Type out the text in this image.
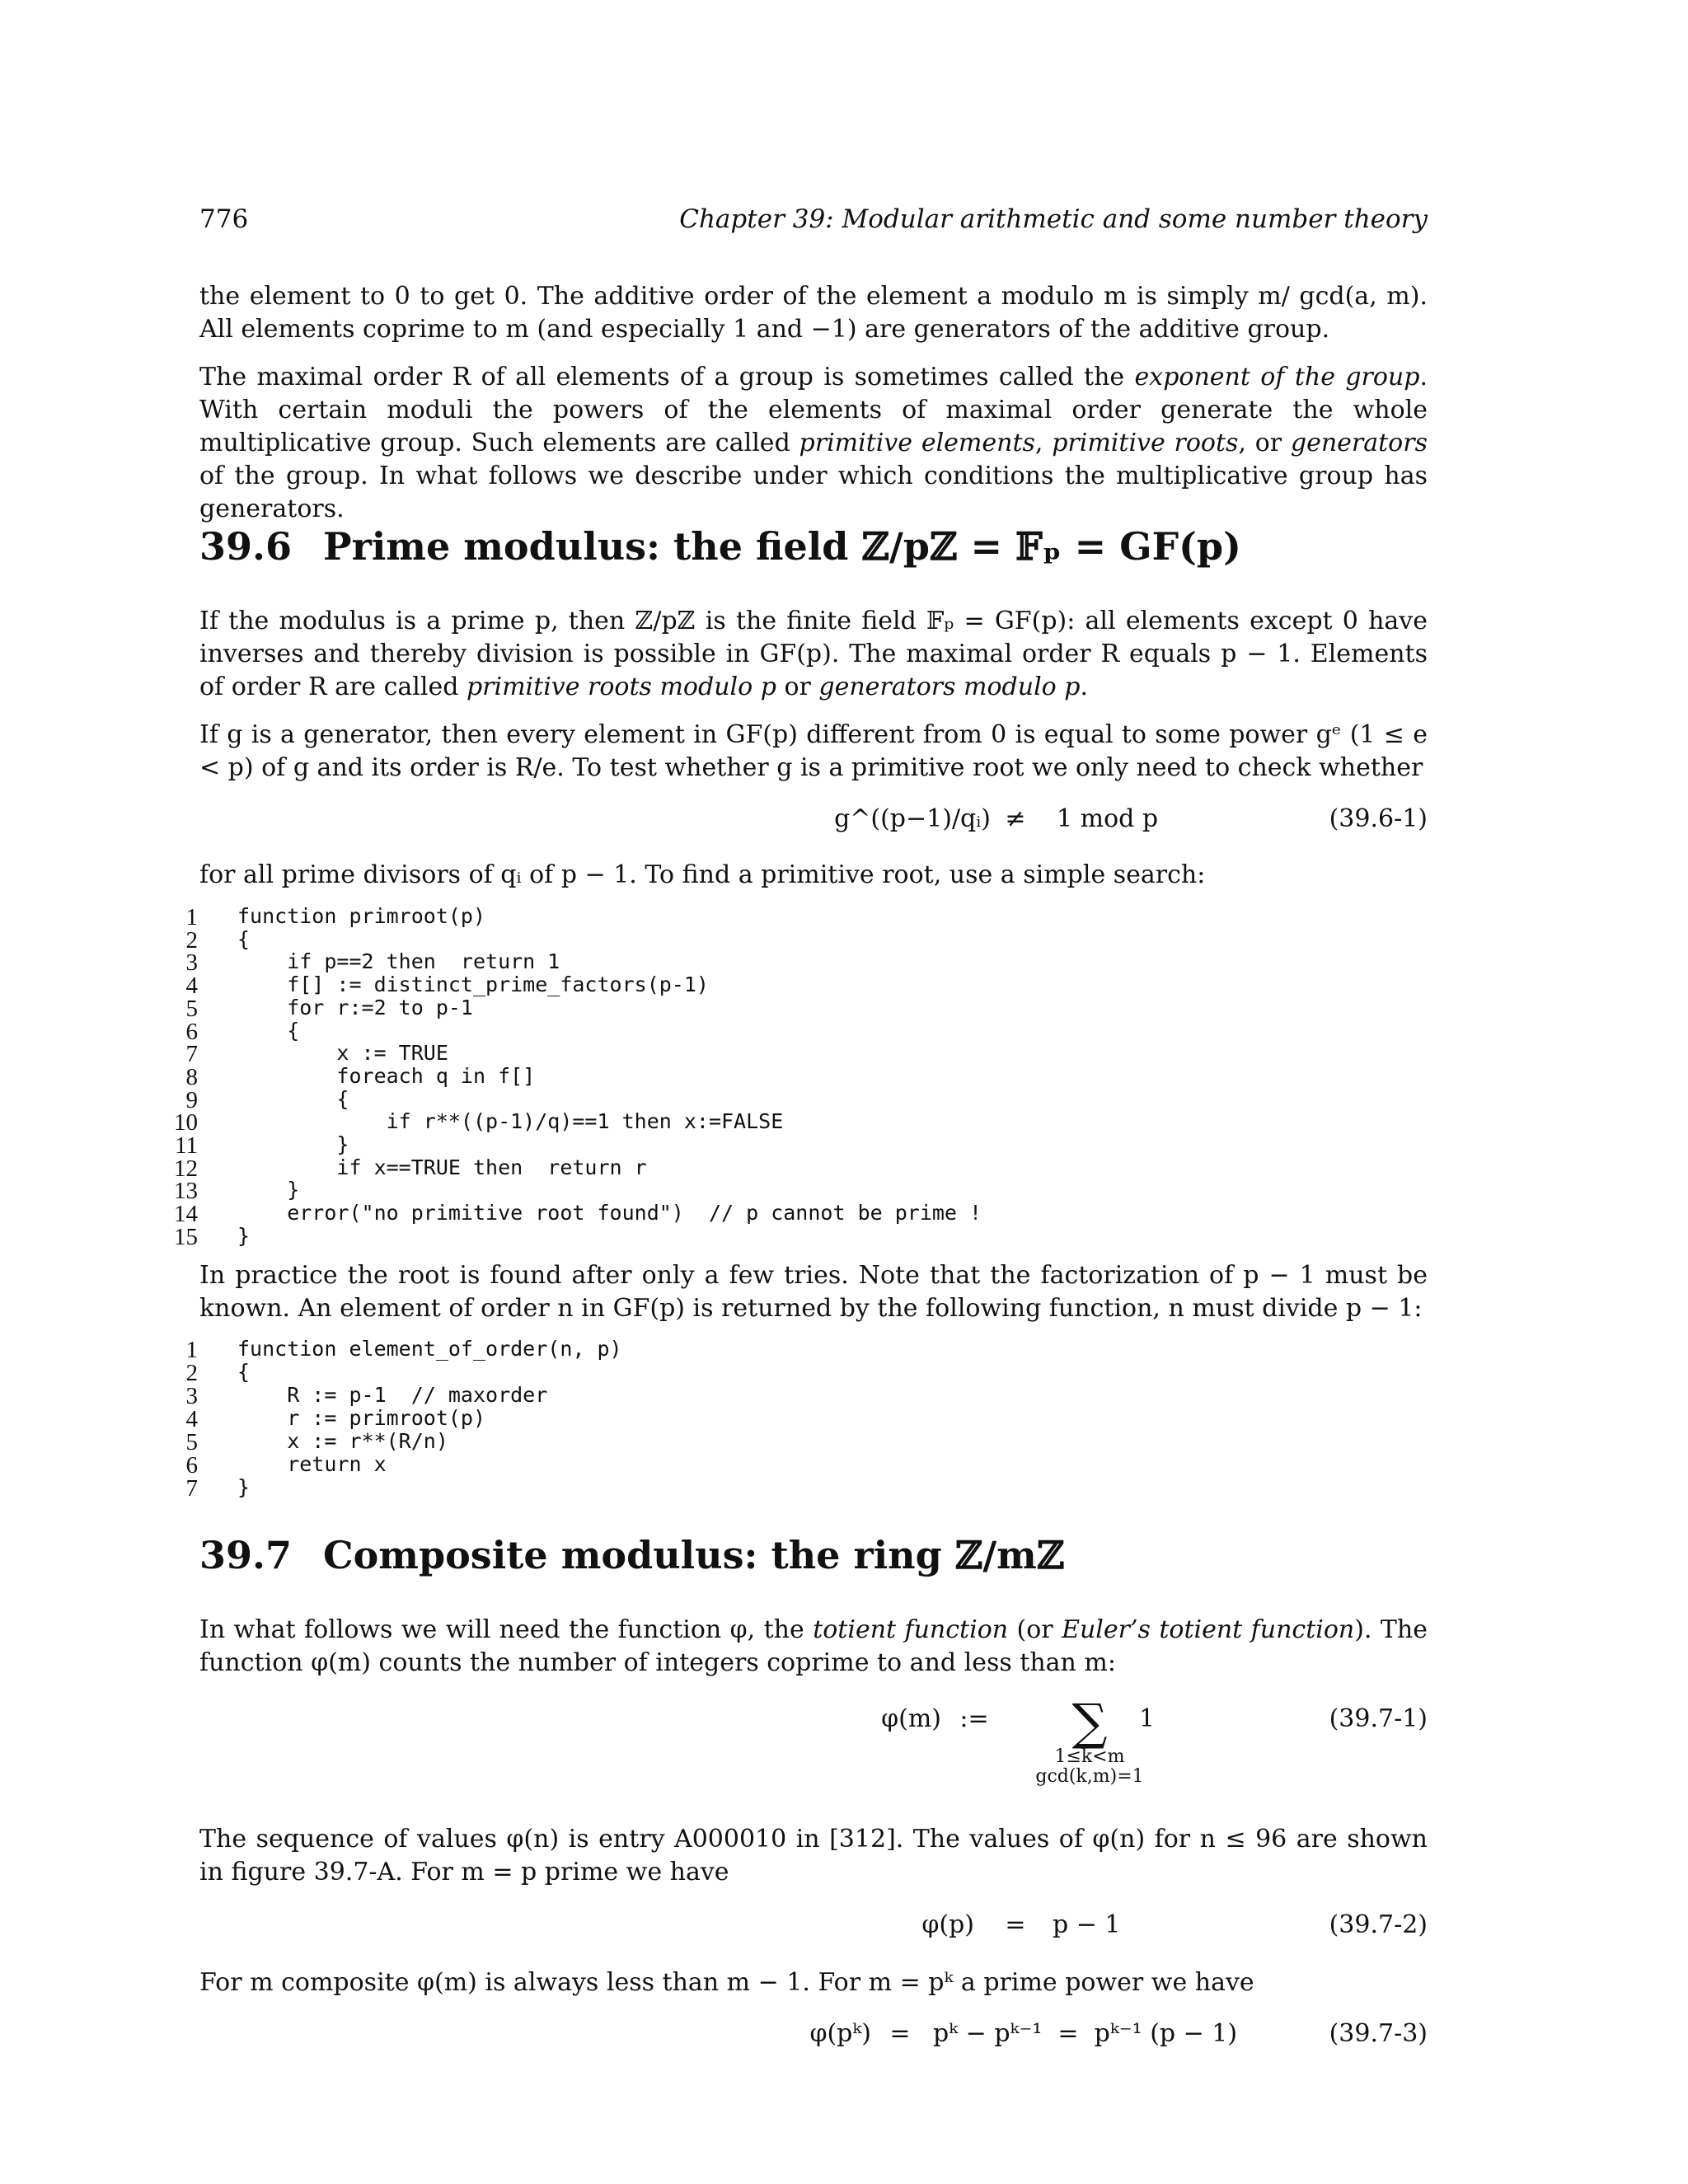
776	Chapter 39: Modular arithmetic and some number theory
the element to 0 to get 0. The additive order of the element a modulo m is simply m/ gcd(a, m). All elements coprime to m (and especially 1 and −1) are generators of the additive group.
The maximal order R of all elements of a group is sometimes called the exponent of the group. With certain moduli the powers of the elements of maximal order generate the whole multiplicative group. Such elements are called primitive elements, primitive roots, or generators of the group. In what follows we describe under which conditions the multiplicative group has generators.
39.6 Prime modulus: the field ℤ/pℤ = 𝔽ₚ = GF(p)
If the modulus is a prime p, then ℤ/pℤ is the finite field 𝔽ₚ = GF(p): all elements except 0 have inverses and thereby division is possible in GF(p). The maximal order R equals p − 1. Elements of order R are called primitive roots modulo p or generators modulo p.
If g is a generator, then every element in GF(p) different from 0 is equal to some power gᵉ (1 ≤ e < p) of g and its order is R/e. To test whether g is a primitive root we only need to check whether
g^((p−1)/qᵢ) ≠	1 mod p	(39.6-1)
for all prime divisors of qᵢ of p − 1. To find a primitive root, use a simple search:
1 function primroot(p)
2 {
3 if p==2 then  return 1
4 f[] := distinct_prime_factors(p-1)
5 for r:=2 to p-1
6 {
7 x := TRUE
8 foreach q in f[]
9 {
10 if r**((p-1)/q)==1 then x:=FALSE
11 }
12 if x==TRUE then  return r
13 }
14 error("no primitive root found")  // p cannot be prime !
15 }
In practice the root is found after only a few tries. Note that the factorization of p − 1 must be known. An element of order n in GF(p) is returned by the following function, n must divide p − 1:
1 function element_of_order(n, p)
2 {
3 R := p-1  // maxorder
4 r := primroot(p)
5 x := r**(R/n)
6 return x
7 }
39.7 Composite modulus: the ring ℤ/mℤ
In what follows we will need the function φ, the totient function (or Euler’s totient function). The function φ(m) counts the number of integers coprime to and less than m:
φ(m) :=	∑
1≤k<m
gcd(k,m)=1
1	(39.7-1)
The sequence of values φ(n) is entry A000010 in [312]. The values of φ(n) for n ≤ 96 are shown in figure 39.7-A. For m = p prime we have
φ(p)	=	p − 1	(39.7-2)
For m composite φ(m) is always less than m − 1. For m = pᵏ a prime power we have
φ(pᵏ) = pᵏ − pᵏ⁻¹  =  pᵏ⁻¹ (p − 1)	(39.7-3)
